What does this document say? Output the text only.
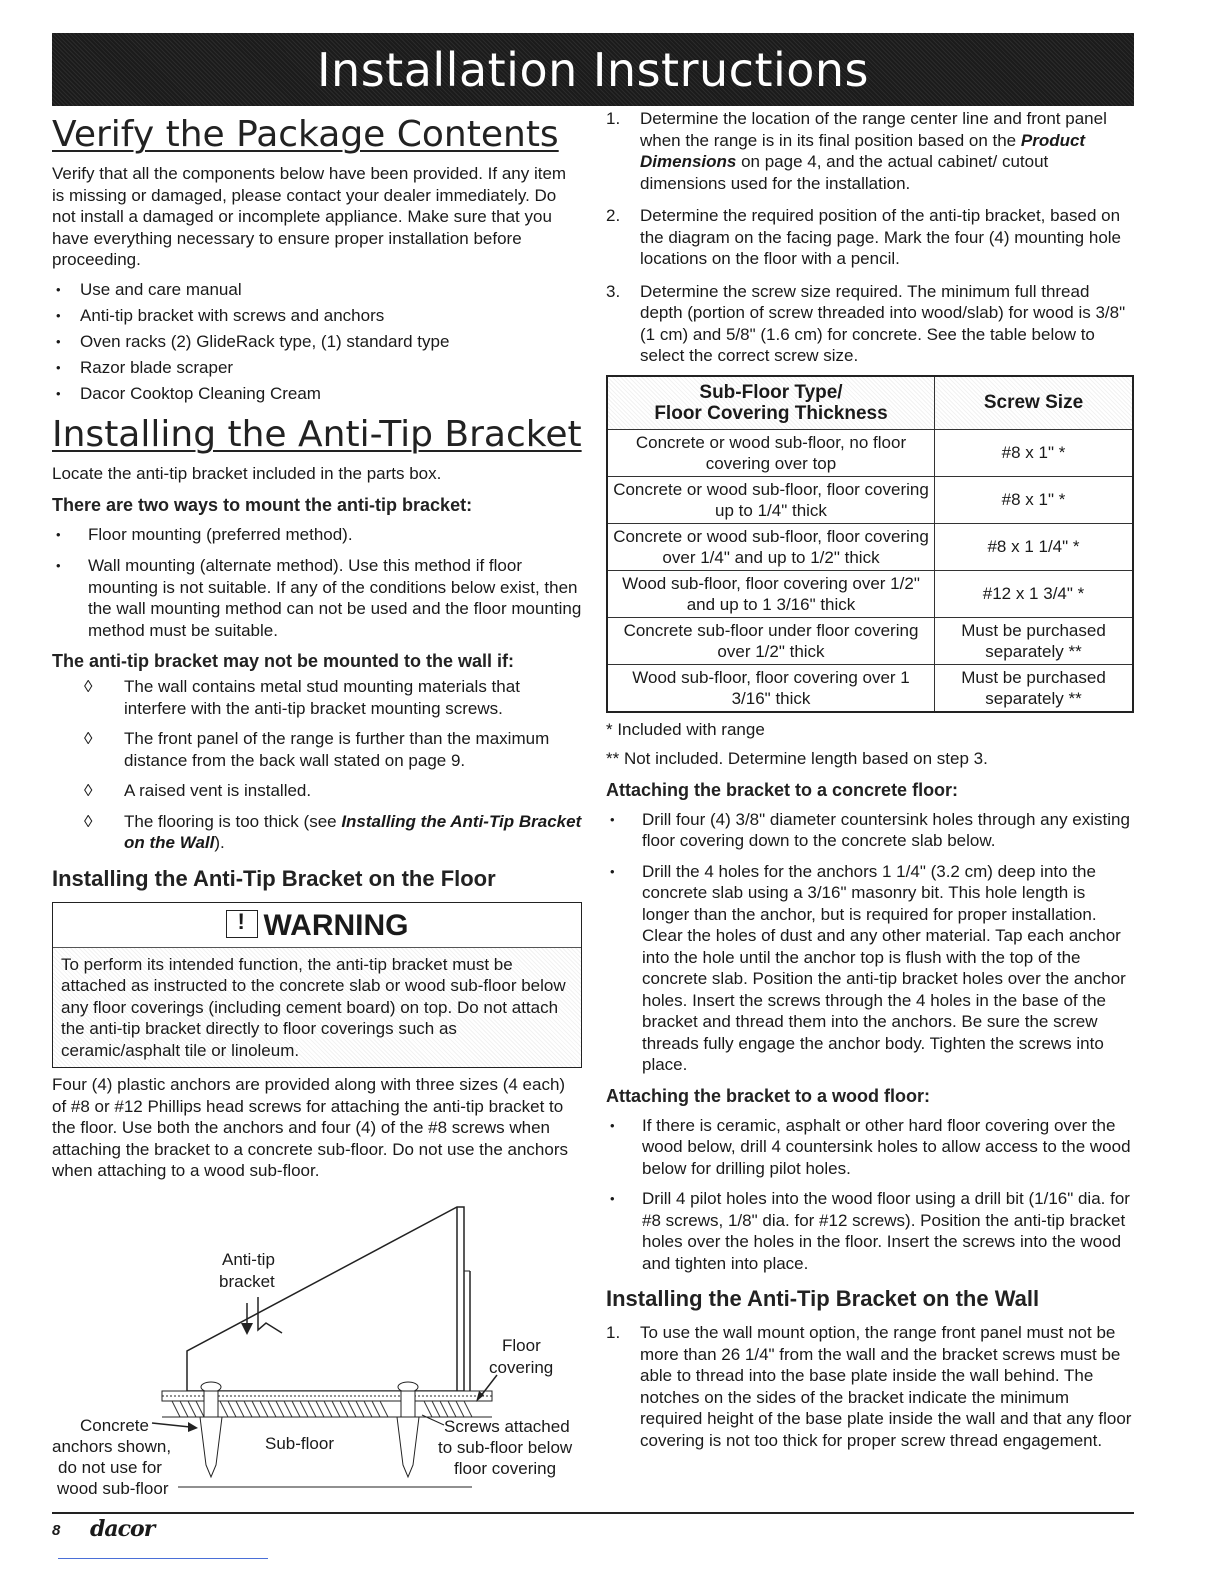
Installation Instructions
Verify the Package Contents

Verify that all the components below have been provided. If any item is missing or damaged, please contact your dealer immediately. Do not install a damaged or incomplete appliance. Make sure that you have everything necessary to ensure proper installation before proceeding.

• Use and care manual
• Anti-tip bracket with screws and anchors
• Oven racks (2) GlideRack type, (1) standard type
• Razor blade scraper
• Dacor Cooktop Cleaning Cream
Installing the Anti-Tip Bracket

Locate the anti-tip bracket included in the parts box.

There are two ways to mount the anti-tip bracket:
• Floor mounting (preferred method).
• Wall mounting (alternate method). Use this method if floor mounting is not suitable. If any of the conditions below exist, then the wall mounting method can not be used and the floor mounting method must be suitable.
The anti-tip bracket may not be mounted to the wall if:
◊ The wall contains metal stud mounting materials that interfere with the anti-tip bracket mounting screws.
◊ The front panel of the range is further than the maximum distance from the back wall stated on page 9.
◊ A raised vent is installed.
◊ The flooring is too thick (see Installing the Anti-Tip Bracket on the Wall).
Installing the Anti-Tip Bracket on the Floor
!WARNING
To perform its intended function, the anti-tip bracket must be attached as instructed to the concrete slab or wood sub-floor below any floor coverings (including cement board) on top. Do not attach the anti-tip bracket directly to floor coverings such as ceramic/asphalt tile or linoleum.

Four (4) plastic anchors are provided along with three sizes (4 each) of #8 or #12 Phillips head screws for attaching the anti-tip bracket to the floor. Use both the anchors and four (4) of the #8 screws when attaching the bracket to a concrete sub-floor. Do not use the anchors when attaching to a wood sub-floor.

Anti-tip
bracket
Floor
covering
Concrete
anchors shown,
do not use for
wood sub-floor
Sub-floor
Screws attached
to sub-floor below
floor covering
1. Determine the location of the range center line and front panel when the range is in its final position based on the Product Dimensions on page 4, and the actual cabinet/ cutout dimensions used for the installation.
2. Determine the required position of the anti-tip bracket, based on the diagram on the facing page. Mark the four (4) mounting hole locations on the floor with a pencil.
3. Determine the screw size required. The minimum full thread depth (portion of screw threaded into wood/slab) for wood is 3/8" (1 cm) and 5/8" (1.6 cm) for concrete. See the table below to select the correct screw size.
Sub-Floor Type/
Floor Covering Thickness	Screw Size
Concrete or wood sub-floor, no floor covering over top	#8 x 1" *
Concrete or wood sub-floor, floor covering up to 1/4" thick	#8 x 1" *
Concrete or wood sub-floor, floor covering over 1/4" and up to 1/2" thick	#8 x 1 1/4" *
Wood sub-floor, floor covering over 1/2" and up to 1 3/16" thick	#12 x 1 3/4" *
Concrete sub-floor under floor covering over 1/2" thick	Must be purchased separately **
Wood sub-floor, floor covering over 1 3/16" thick	Must be purchased separately **
* Included with range
** Not included. Determine length based on step 3.
Attaching the bracket to a concrete floor:
• Drill four (4) 3/8" diameter countersink holes through any existing floor covering down to the concrete slab below.
• Drill the 4 holes for the anchors 1 1/4" (3.2 cm) deep into the concrete slab using a 3/16" masonry bit. This hole length is longer than the anchor, but is required for proper installation. Clear the holes of dust and any other material. Tap each anchor into the hole until the anchor top is flush with the top of the concrete slab. Position the anti-tip bracket holes over the anchor holes. Insert the screws through the 4 holes in the base of the bracket and thread them into the anchors. Be sure the screw threads fully engage the anchor body. Tighten the screws into place.
Attaching the bracket to a wood floor:
• If there is ceramic, asphalt or other hard floor covering over the wood below, drill 4 countersink holes to allow access to the wood below for drilling pilot holes.
• Drill 4 pilot holes into the wood floor using a drill bit (1/16" dia. for #8 screws, 1/8" dia. for #12 screws). Position the anti-tip bracket holes over the holes in the floor. Insert the screws into the wood and tighten into place.
Installing the Anti-Tip Bracket on the Wall
1. To use the wall mount option, the range front panel must not be more than 26 1/4" from the wall and the bracket screws must be able to thread into the base plate inside the wall behind. The notches on the sides of the bracket indicate the minimum required height of the base plate inside the wall and that any floor covering is not too thick for proper screw thread engagement.
8 dacor
